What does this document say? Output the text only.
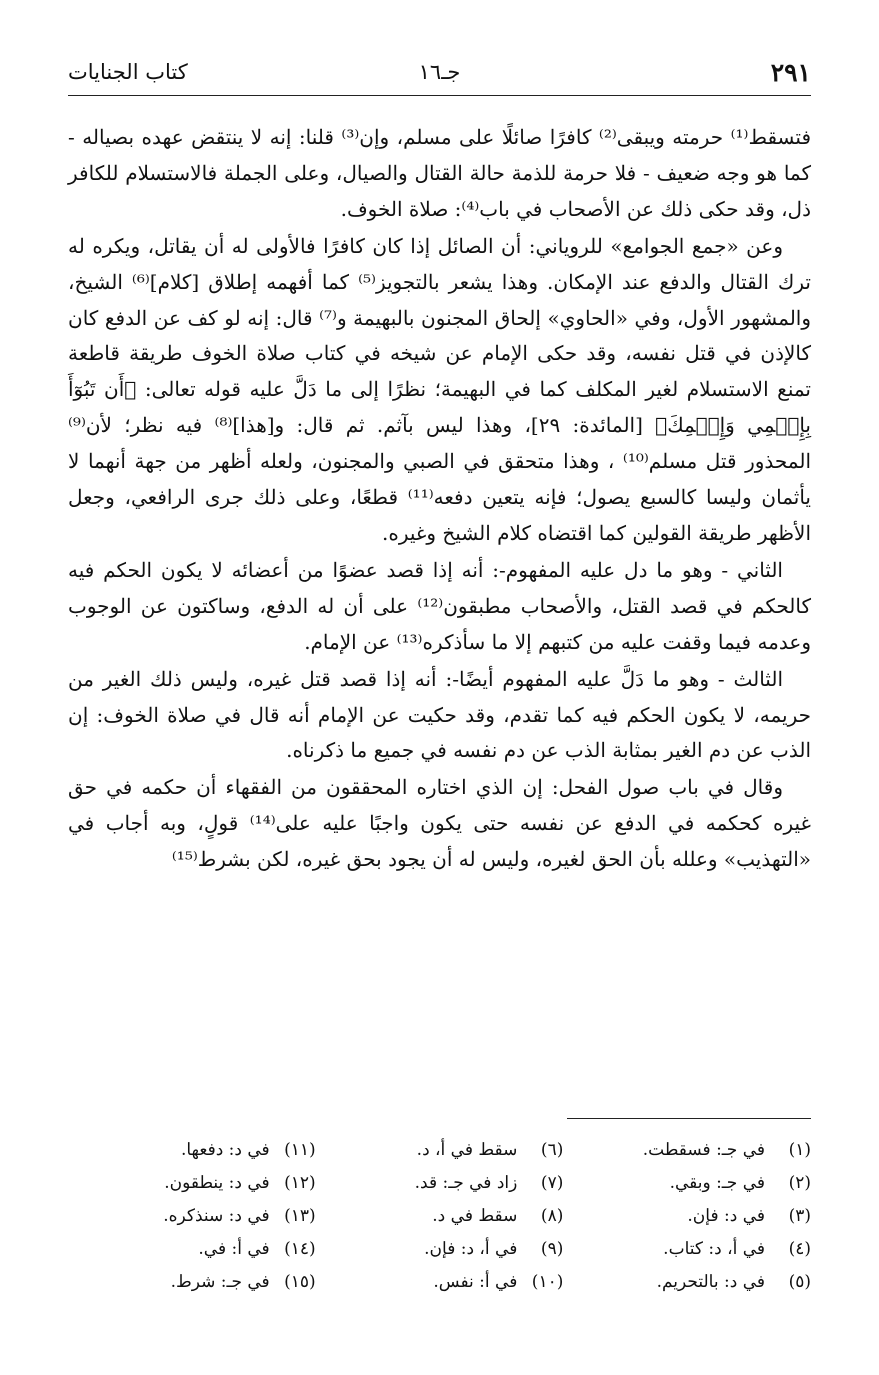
٢٩١
جـ١٦
كتاب الجنايات

فتسقط⁽¹⁾ حرمته ويبقى⁽²⁾ كافرًا صائلًا على مسلم، وإن⁽³⁾ قلنا: إنه لا ينتقض عهده بصياله - كما هو وجه ضعيف - فلا حرمة للذمة حالة القتال والصيال، وعلى الجملة فالاستسلام للكافر ذل، وقد حكى ذلك عن الأصحاب في باب⁽⁴⁾: صلاة الخوف.

وعن «جمع الجوامع» للروياني: أن الصائل إذا كان كافرًا فالأولى له أن يقاتل، ويكره له ترك القتال والدفع عند الإمكان. وهذا يشعر بالتجويز⁽⁵⁾ كما أفهمه إطلاق [كلام]⁽⁶⁾ الشيخ، والمشهور الأول، وفي «الحاوي» إلحاق المجنون بالبهيمة و⁽⁷⁾ قال: إنه لو كف عن الدفع كان كالإذن في قتل نفسه، وقد حكى الإمام عن شيخه في كتاب صلاة الخوف طريقة قاطعة تمنع الاستسلام لغير المكلف كما في البهيمة؛ نظرًا إلى ما دَلَّ عليه قوله تعالى: ﴿أَن تَبُوٓأَ بِإِثۡمِي وَإِثۡمِكَ﴾ [المائدة: ٢٩]، وهذا ليس بآثم. ثم قال: و[هذا]⁽⁸⁾ فيه نظر؛ لأن⁽⁹⁾ المحذور قتل مسلم⁽¹⁰⁾ ، وهذا متحقق في الصبي والمجنون، ولعله أظهر من جهة أنهما لا يأثمان وليسا كالسبع يصول؛ فإنه يتعين دفعه⁽¹¹⁾ قطعًا، وعلى ذلك جرى الرافعي، وجعل الأظهر طريقة القولين كما اقتضاه كلام الشيخ وغيره.

الثاني - وهو ما دل عليه المفهوم-: أنه إذا قصد عضوًا من أعضائه لا يكون الحكم فيه كالحكم في قصد القتل، والأصحاب مطبقون⁽¹²⁾ على أن له الدفع، وساكتون عن الوجوب وعدمه فيما وقفت عليه من كتبهم إلا ما سأذكره⁽¹³⁾ عن الإمام.

الثالث - وهو ما دَلَّ عليه المفهوم أيضًا-: أنه إذا قصد قتل غيره، وليس ذلك الغير من حريمه، لا يكون الحكم فيه كما تقدم، وقد حكيت عن الإمام أنه قال في صلاة الخوف: إن الذب عن دم الغير بمثابة الذب عن دم نفسه في جميع ما ذكرناه.

وقال في باب صول الفحل: إن الذي اختاره المحققون من الفقهاء أن حكمه في حق غيره كحكمه في الدفع عن نفسه حتى يكون واجبًا عليه على⁽¹⁴⁾ قولٍ، وبه أجاب في «التهذيب» وعلله بأن الحق لغيره، وليس له أن يجود بحق غيره، لكن بشرط⁽¹⁵⁾

(١)
في جـ: فسقطت.
(٢)
في جـ: وبقي.
(٣)
في د: فإن.
(٤)
في أ، د: كتاب.
(٥)
في د: بالتحريم.
(٦)
سقط في أ، د.
(٧)
زاد في جـ: قد.
(٨)
سقط في د.
(٩)
في أ، د: فإن.
(١٠)
في أ: نفس.
(١١)
في د: دفعها.
(١٢)
في د: ينطقون.
(١٣)
في د: سنذكره.
(١٤)
في أ: في.
(١٥)
في جـ: شرط.
